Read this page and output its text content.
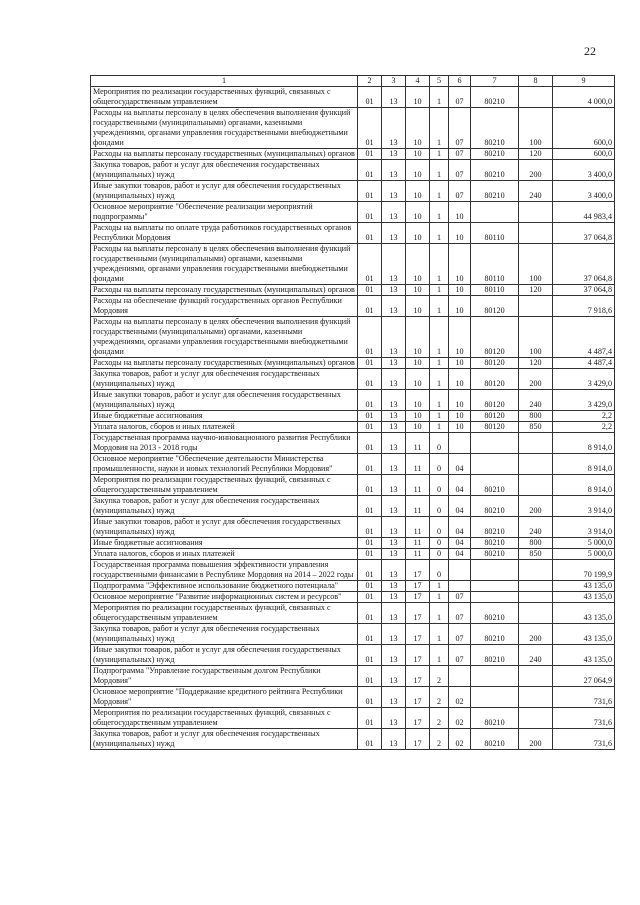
22
1	2	3	4	5	6	7	8	9
Мероприятия по реализации государственных функций, связанных с общегосударственным управлением	01	13	10	1	07	80210		4 000,0
Расходы на выплаты персоналу в целях обеспечения выполнения функций государственными (муниципальными) органами, казенными учреждениями, органами управления государственными внебюджетными фондами	01	13	10	1	07	80210	100	600,0
Расходы на выплаты персоналу государственных (муниципальных) органов	01	13	10	1	07	80210	120	600,0
Закупка товаров, работ и услуг для обеспечения государственных (муниципальных) нужд	01	13	10	1	07	80210	200	3 400,0
Иные закупки товаров, работ и услуг для обеспечения государственных (муниципальных) нужд	01	13	10	1	07	80210	240	3 400,0
Основное мероприятие "Обеспечение реализации мероприятий подпрограммы"	01	13	10	1	10			44 983,4
Расходы на выплаты по оплате труда работников государственных органов Республики Мордовия	01	13	10	1	10	80110		37 064,8
Расходы на выплаты персоналу в целях обеспечения выполнения функций государственными (муниципальными) органами, казенными учреждениями, органами управления государственными внебюджетными фондами	01	13	10	1	10	80110	100	37 064,8
Расходы на выплаты персоналу государственных (муниципальных) органов	01	13	10	1	10	80110	120	37 064,8
Расходы на обеспечение функций государственных органов Республики Мордовия	01	13	10	1	10	80120		7 918,6
Расходы на выплаты персоналу в целях обеспечения выполнения функций государственными (муниципальными) органами, казенными учреждениями, органами управления государственными внебюджетными фондами	01	13	10	1	10	80120	100	4 487,4
Расходы на выплаты персоналу государственных (муниципальных) органов	01	13	10	1	10	80120	120	4 487,4
Закупка товаров, работ и услуг для обеспечения государственных (муниципальных) нужд	01	13	10	1	10	80120	200	3 429,0
Иные закупки товаров, работ и услуг для обеспечения государственных (муниципальных) нужд	01	13	10	1	10	80120	240	3 429,0
Иные бюджетные ассигнования	01	13	10	1	10	80120	800	2,2
Уплата налогов, сборов и иных платежей	01	13	10	1	10	80120	850	2,2
Государственная программа научно-инновационного развития Республики Мордовия на 2013 - 2018 годы	01	13	11	0				8 914,0
Основное мероприятие "Обеспечение деятельности Министерства промышленности, науки и новых технологий Республики Мордовия"	01	13	11	0	04			8 914,0
Мероприятия по реализации государственных функций, связанных с общегосударственным управлением	01	13	11	0	04	80210		8 914,0
Закупка товаров, работ и услуг для обеспечения государственных (муниципальных) нужд	01	13	11	0	04	80210	200	3 914,0
Иные закупки товаров, работ и услуг для обеспечения государственных (муниципальных) нужд	01	13	11	0	04	80210	240	3 914,0
Иные бюджетные ассигнования	01	13	11	0	04	80210	800	5 000,0
Уплата налогов, сборов и иных платежей	01	13	11	0	04	80210	850	5 000,0
Государственная программа повышения эффективности управления государственными финансами в Республике Мордовия на 2014 – 2022 годы	01	13	17	0				70 199,9
Подпрограмма "Эффективное использование бюджетного потенциала"	01	13	17	1				43 135,0
Основное мероприятие "Развитие информационных систем и ресурсов"	01	13	17	1	07			43 135,0
Мероприятия по реализации государственных функций, связанных с общегосударственным управлением	01	13	17	1	07	80210		43 135,0
Закупка товаров, работ и услуг для обеспечения государственных (муниципальных) нужд	01	13	17	1	07	80210	200	43 135,0
Иные закупки товаров, работ и услуг для обеспечения государственных (муниципальных) нужд	01	13	17	1	07	80210	240	43 135,0
Подпрограмма "Управление государственным долгом Республики Мордовия"	01	13	17	2				27 064,9
Основное мероприятие "Поддержание кредитного рейтинга Республики Мордовия"	01	13	17	2	02			731,6
Мероприятия по реализации государственных функций, связанных с общегосударственным управлением	01	13	17	2	02	80210		731,6
Закупка товаров, работ и услуг для обеспечения государственных (муниципальных) нужд	01	13	17	2	02	80210	200	731,6
